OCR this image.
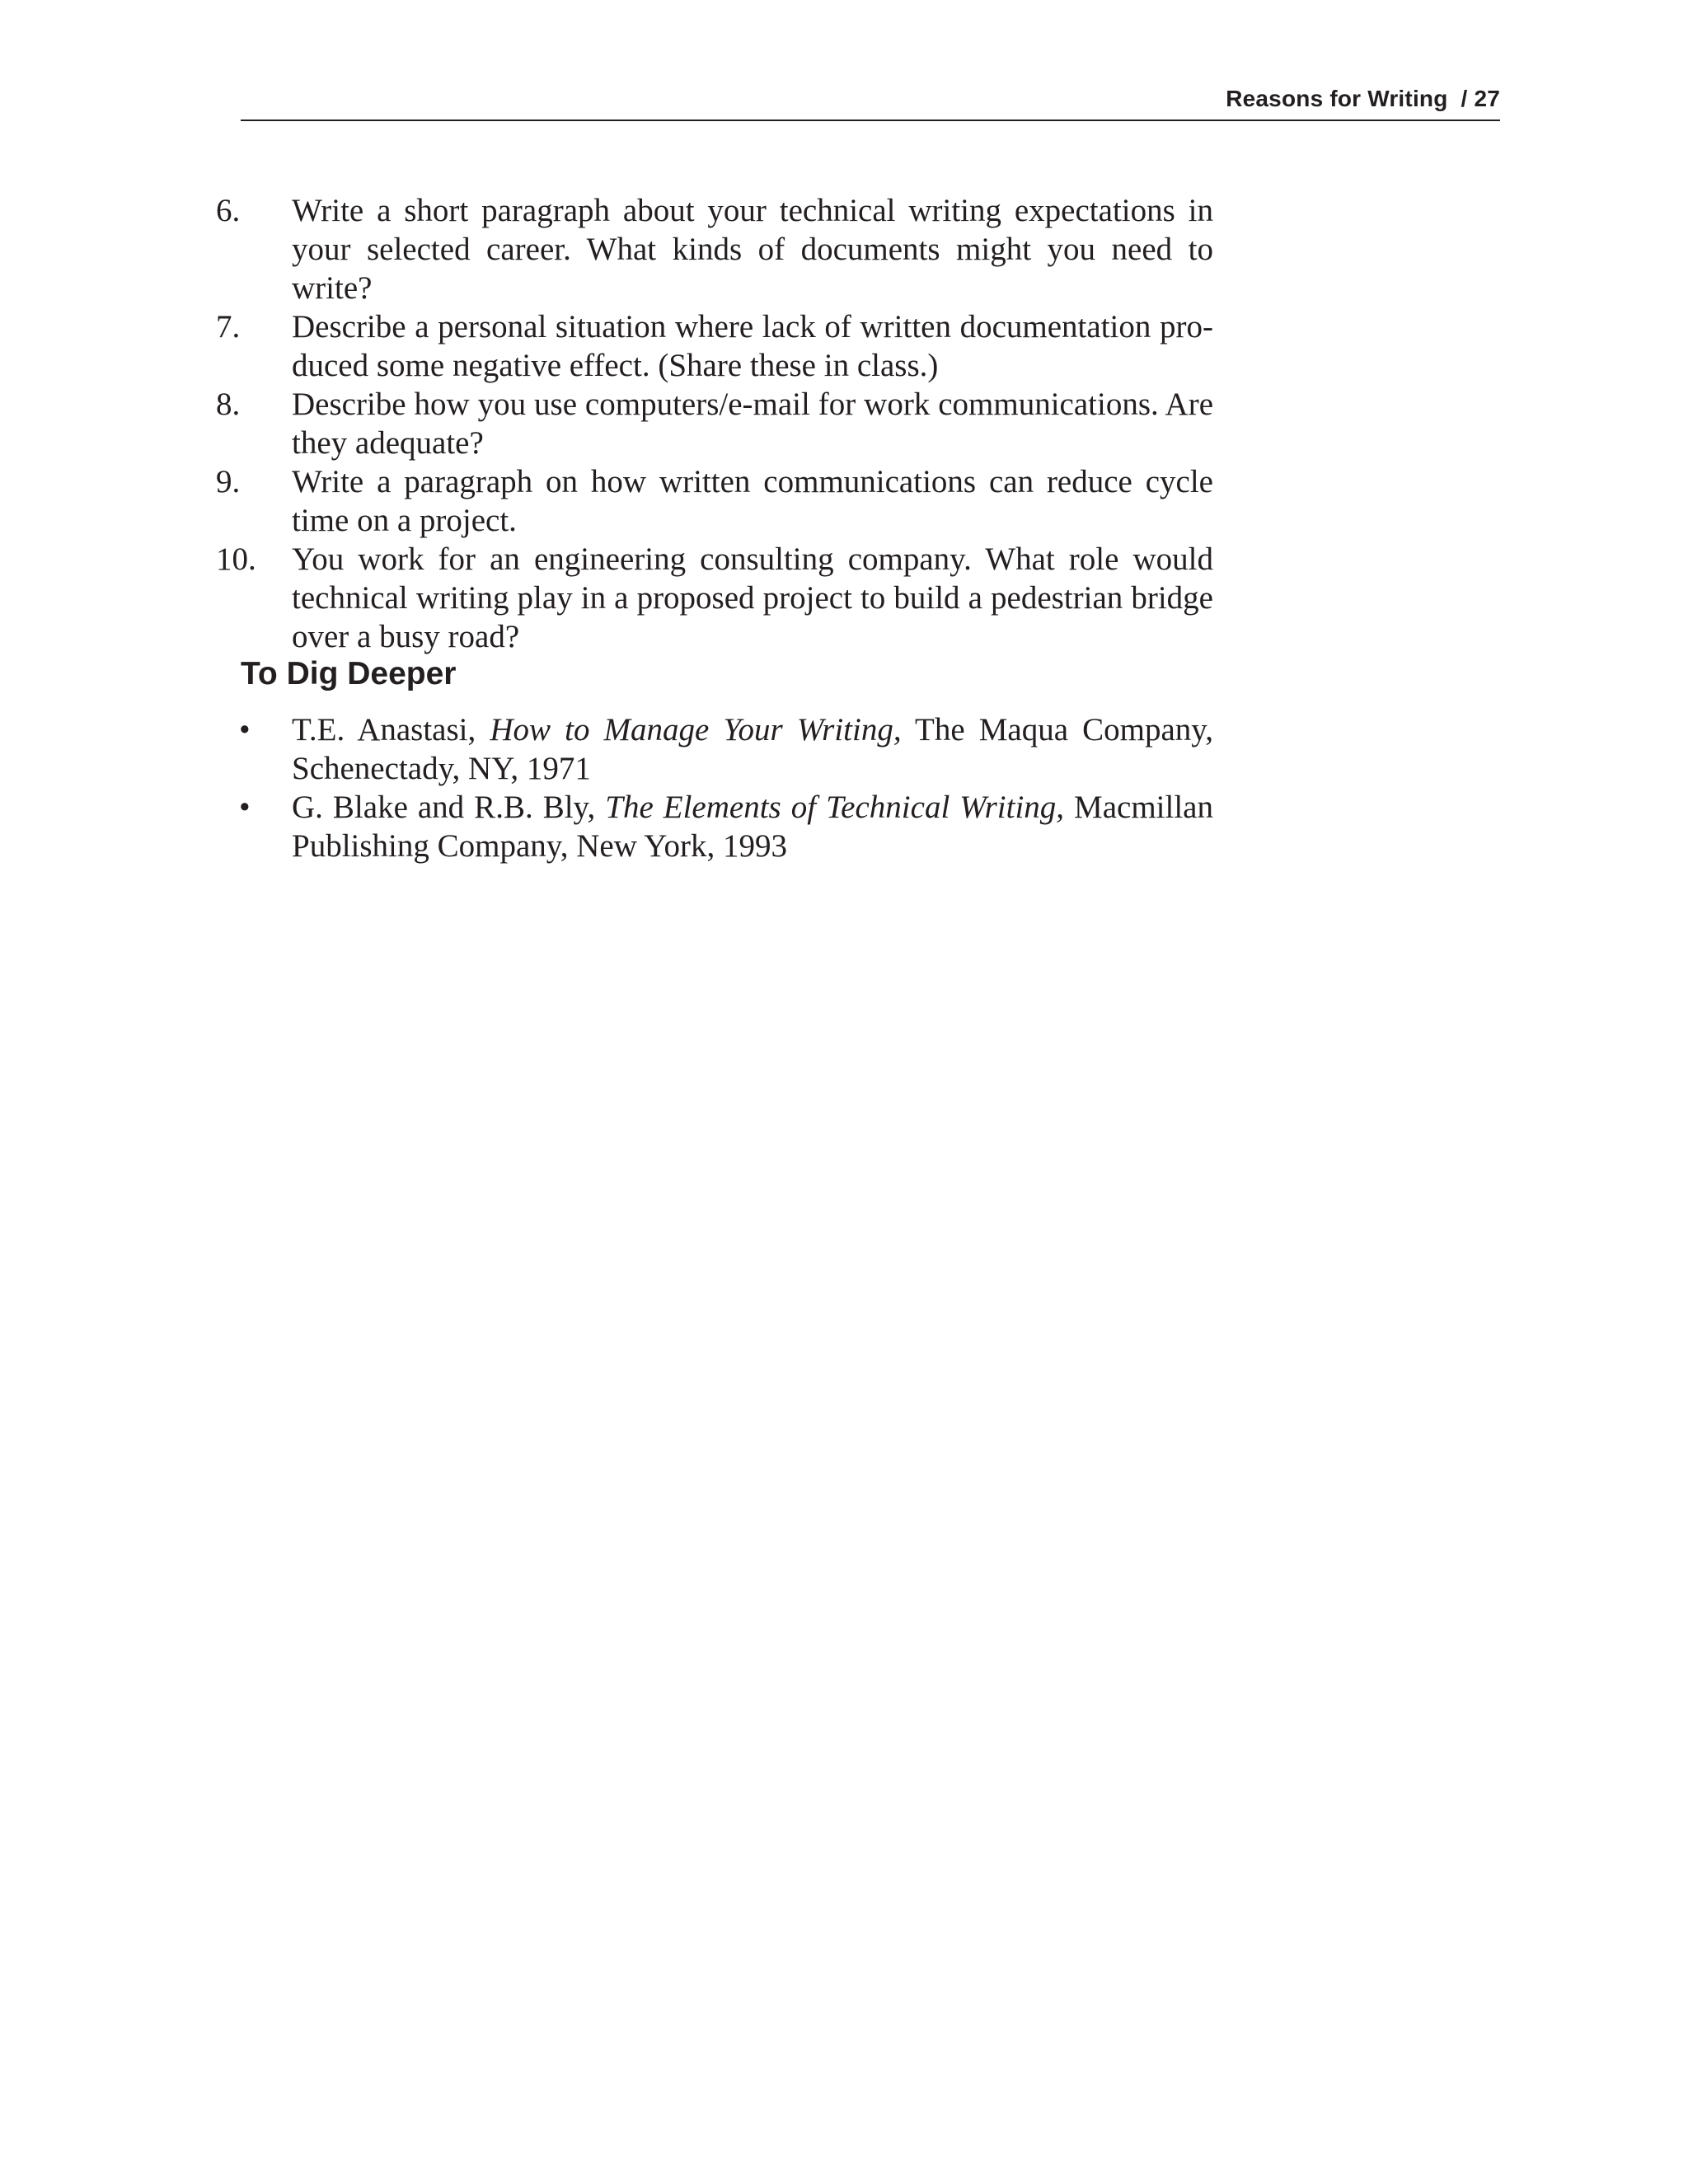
Reasons for Writing  / 27
6.	Write a short paragraph about your technical writing expectations in your selected career. What kinds of documents might you need to write?
7.	Describe a personal situation where lack of written documentation pro-duced some negative effect. (Share these in class.)
8.	Describe how you use computers/e-mail for work communications. Are they adequate?
9.	Write a paragraph on how written communications can reduce cycle time on a project.
10.	You work for an engineering consulting company. What role would technical writing play in a proposed project to build a pedestrian bridge over a busy road?
To Dig Deeper
• T.E. Anastasi, How to Manage Your Writing, The Maqua Company, Schenectady, NY, 1971
• G. Blake and R.B. Bly, The Elements of Technical Writing, Macmillan Publishing Company, New York, 1993
